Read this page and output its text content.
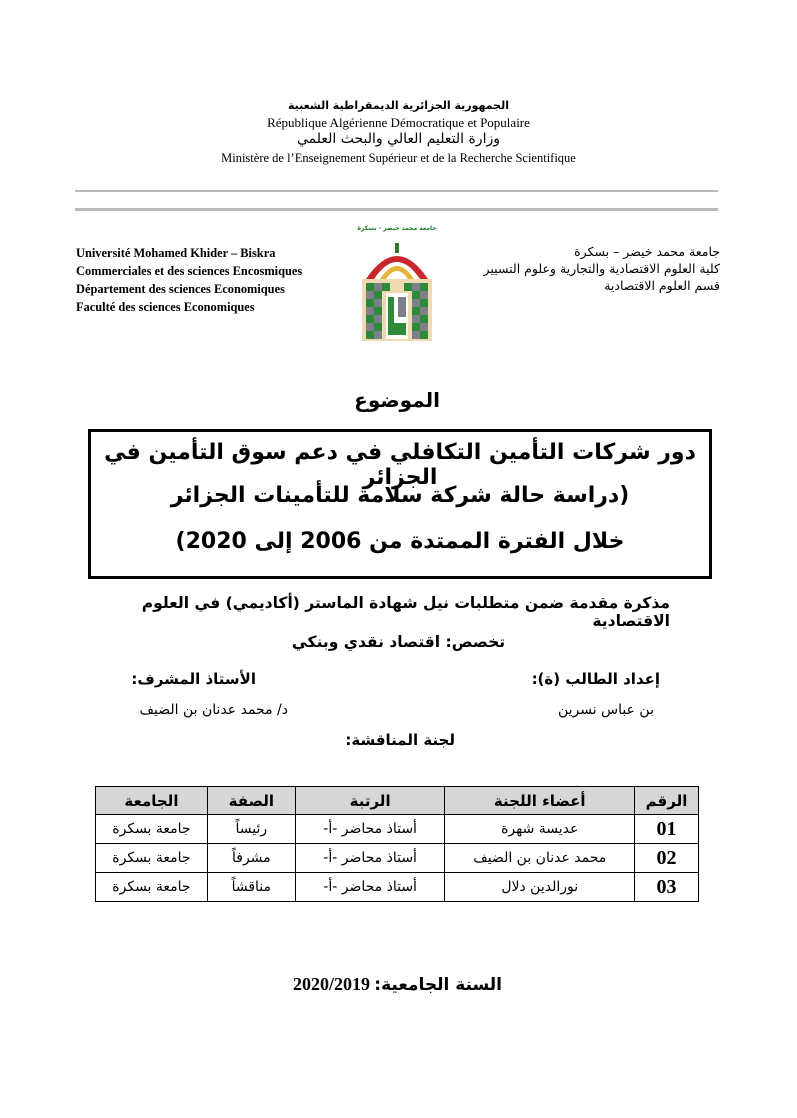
الجمهورية الجزائرية الديمقراطية الشعبية
République Algérienne Démocratique et Populaire
وزارة التعليم العالي والبحث العلمي
Ministère de l’Enseignement Supérieur et de la Recherche Scientifique
جامعة محمد خيضر – بسكرة
كلية العلوم الاقتصادية والتجارية وعلوم التسيير
قسم العلوم الاقتصادية
Université Mohamed Khider – Biskra
Commerciales et des sciences Encosmiques
Département des sciences Economiques
Faculté des sciences Economiques
جامعة محمد خيضر - بسكرة
الموضوع
دور شركات التأمين التكافلي في دعم سوق التأمين في الجزائر
(دراسة حالة شركة سلامة للتأمينات الجزائر
خلال الفترة الممتدة من 2006 إلى 2020)
مذكرة مقدمة ضمن متطلبات نيل شهادة الماستر (أكاديمي) في العلوم الاقتصادية
تخصص: اقتصاد نقدي وبنكي
إعداد الطالب (ة):
بن عباس نسرين
الأستاذ المشرف:
د/ محمد عدنان بن الضيف
لجنة المناقشة:
الرقم	أعضاء اللجنة	الرتبة	الصفة	الجامعة
01	عديسة شهرة	أستاذ محاضر -أ-	رئيساً	جامعة بسكرة
02	محمد عدنان بن الضيف	أستاذ محاضر -أ-	مشرفاً	جامعة بسكرة
03	نورالدين دلال	أستاذ محاضر -أ-	مناقشاً	جامعة بسكرة
السنة الجامعية: 2020/2019
